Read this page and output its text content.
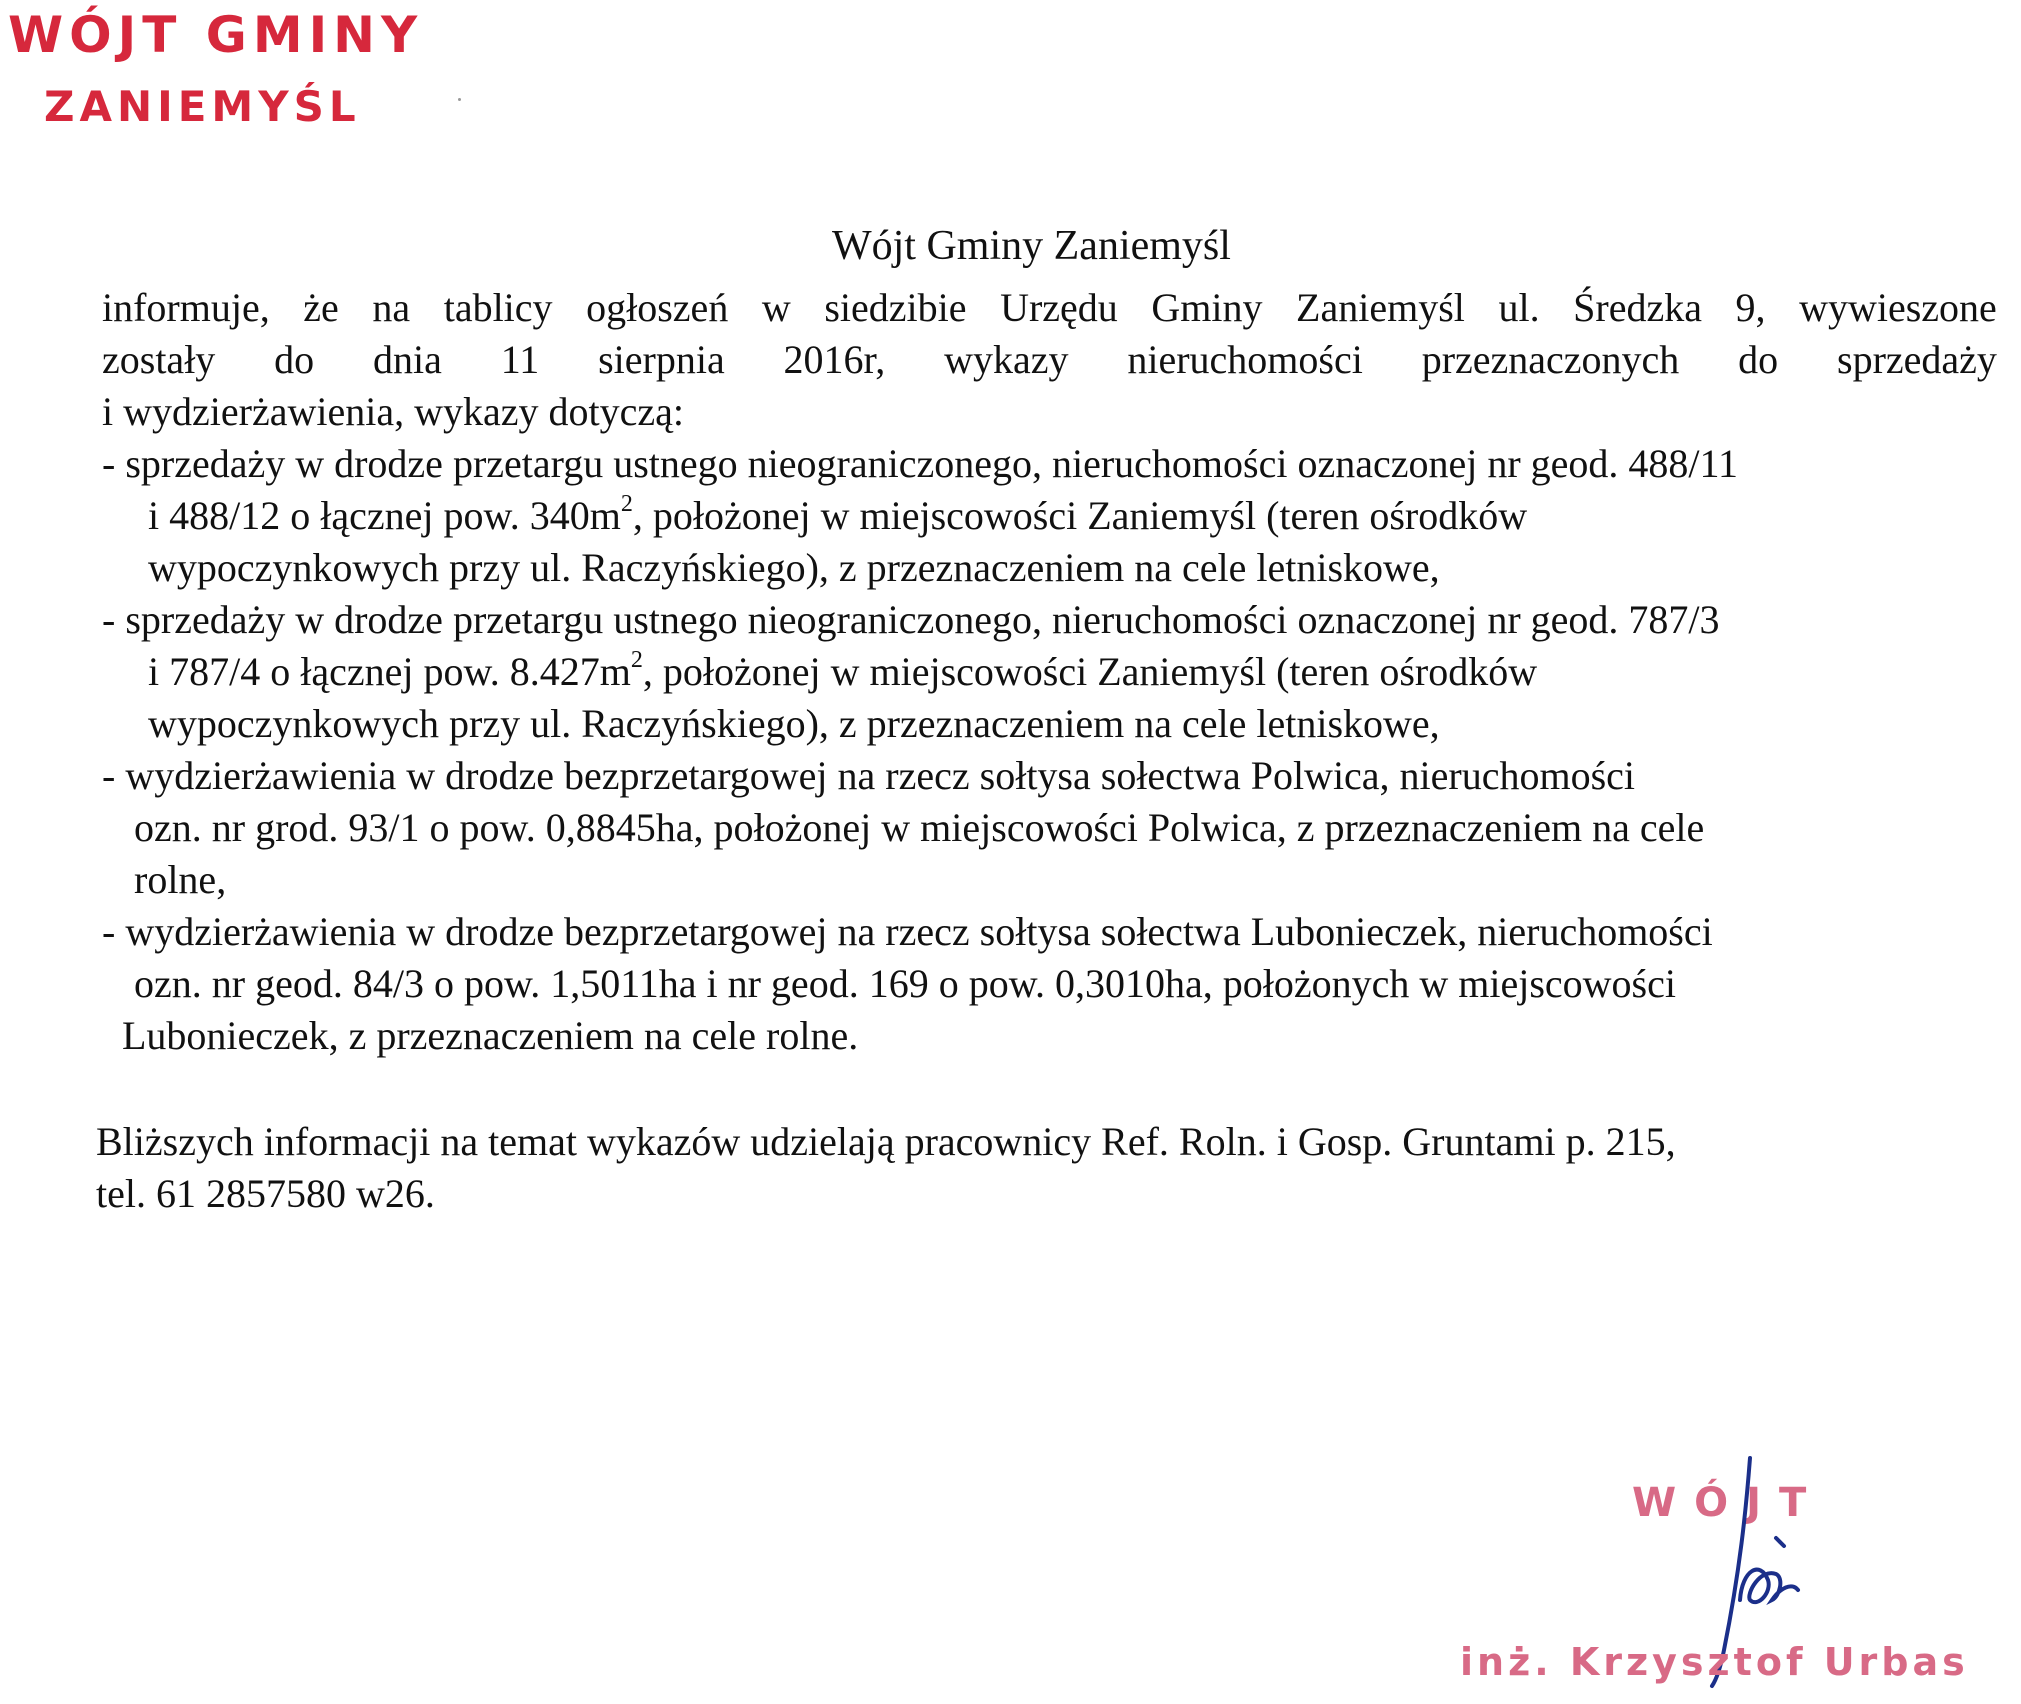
WÓJT GMINY
ZANIEMYŚL
Wójt Gminy Zaniemyśl
informuje, że na tablicy ogłoszeń w siedzibie Urzędu Gminy Zaniemyśl ul. Średzka 9, wywieszone
zostały do dnia 11 sierpnia 2016r, wykazy nieruchomości przeznaczonych do sprzedaży
i wydzierżawienia, wykazy dotyczą:
- sprzedaży w drodze przetargu ustnego nieograniczonego, nieruchomości oznaczonej nr geod. 488/11
i 488/12 o łącznej pow. $340m^2$, położonej w miejscowości Zaniemyśl (teren ośrodków
wypoczynkowych przy ul. Raczyńskiego), z przeznaczeniem na cele letniskowe,
- sprzedaży w drodze przetargu ustnego nieograniczonego, nieruchomości oznaczonej nr geod. 787/3
i 787/4 o łącznej pow. $8.427m^2$, położonej w miejscowości Zaniemyśl (teren ośrodków
wypoczynkowych przy ul. Raczyńskiego), z przeznaczeniem na cele letniskowe,
- wydzierżawienia w drodze bezprzetargowej na rzecz sołtysa sołectwa Polwica, nieruchomości
ozn. nr grod. 93/1 o pow. 0,8845ha, położonej w miejscowości Polwica, z przeznaczeniem na cele
rolne,
- wydzierżawienia w drodze bezprzetargowej na rzecz sołtysa sołectwa Lubonieczek, nieruchomości
ozn. nr geod. 84/3 o pow. 1,5011ha i nr geod. 169 o pow. 0,3010ha, położonych w miejscowości
Lubonieczek, z przeznaczeniem na cele rolne.
Bliższych informacji na temat wykazów udzielają pracownicy Ref. Roln. i Gosp. Gruntami p. 215,
tel. 61 2857580 w26.
WÓJT
inż. Krzysztof Urbas
